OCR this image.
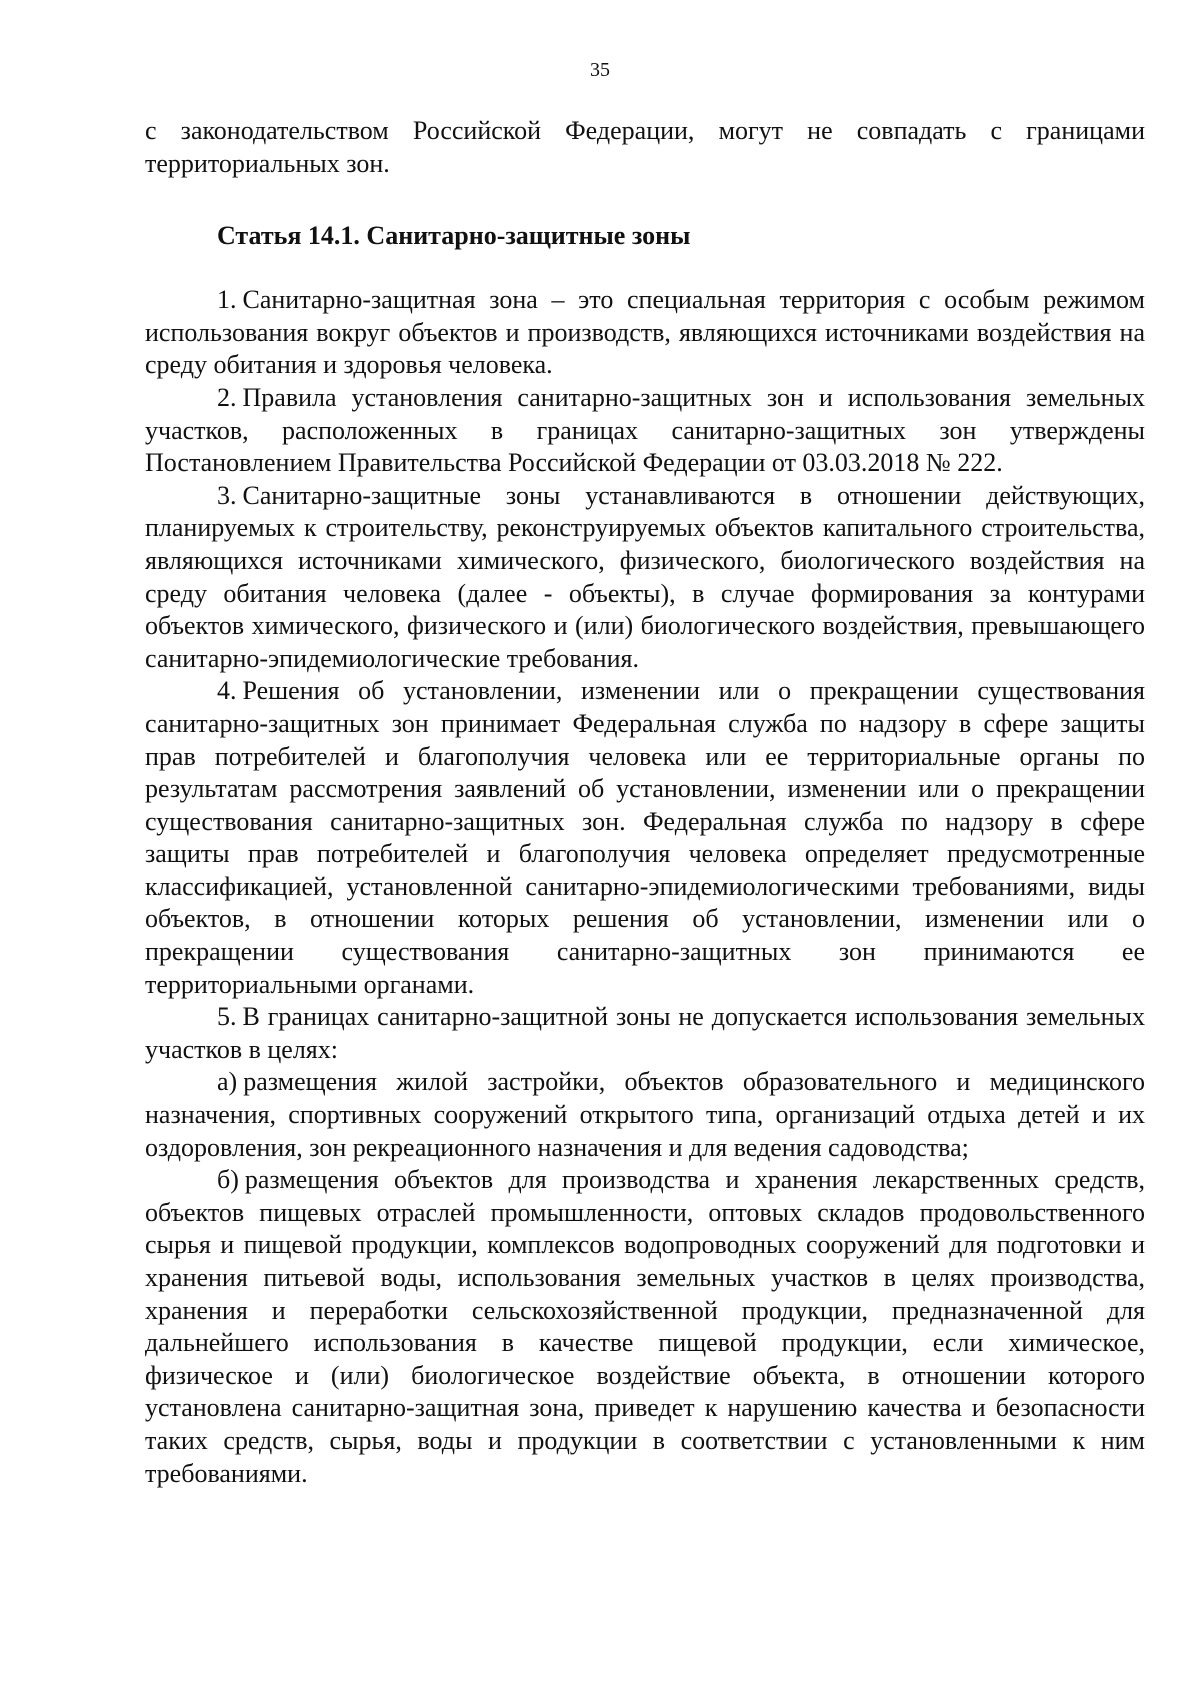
35

с законодательством Российской Федерации, могут не совпадать с границами территориальных зон.

Статья 14.1. Санитарно-защитные зоны

1. Санитарно-защитная зона – это специальная территория с особым режимом использования вокруг объектов и производств, являющихся источниками воздействия на среду обитания и здоровья человека.

2. Правила установления санитарно-защитных зон и использования земельных участков, расположенных в границах санитарно-защитных зон утверждены Постановлением Правительства Российской Федерации от 03.03.2018 № 222.

3. Санитарно-защитные зоны устанавливаются в отношении действующих, планируемых к строительству, реконструируемых объектов капитального строительства, являющихся источниками химического, физического, биологического воздействия на среду обитания человека (далее - объекты), в случае формирования за контурами объектов химического, физического и (или) биологического воздействия, превышающего санитарно-эпидемиологические требования.

4. Решения об установлении, изменении или о прекращении существования санитарно-защитных зон принимает Федеральная служба по надзору в сфере защиты прав потребителей и благополучия человека или ее территориальные органы по результатам рассмотрения заявлений об установлении, изменении или о прекращении существования санитарно-защитных зон. Федеральная служба по надзору в сфере защиты прав потребителей и благополучия человека определяет предусмотренные классификацией, установленной санитарно-эпидемиологическими требованиями, виды объектов, в отношении которых решения об установлении, изменении или о прекращении существования санитарно-защитных зон принимаются ее территориальными органами.

5. В границах санитарно-защитной зоны не допускается использования земельных участков в целях:

а) размещения жилой застройки, объектов образовательного и медицинского назначения, спортивных сооружений открытого типа, организаций отдыха детей и их оздоровления, зон рекреационного назначения и для ведения садоводства;

б) размещения объектов для производства и хранения лекарственных средств, объектов пищевых отраслей промышленности, оптовых складов продовольственного сырья и пищевой продукции, комплексов водопроводных сооружений для подготовки и хранения питьевой воды, использования земельных участков в целях производства, хранения и переработки сельскохозяйственной продукции, предназначенной для дальнейшего использования в качестве пищевой продукции, если химическое, физическое и (или) биологическое воздействие объекта, в отношении которого установлена санитарно-защитная зона, приведет к нарушению качества и безопасности таких средств, сырья, воды и продукции в соответствии с установленными к ним требованиями.
